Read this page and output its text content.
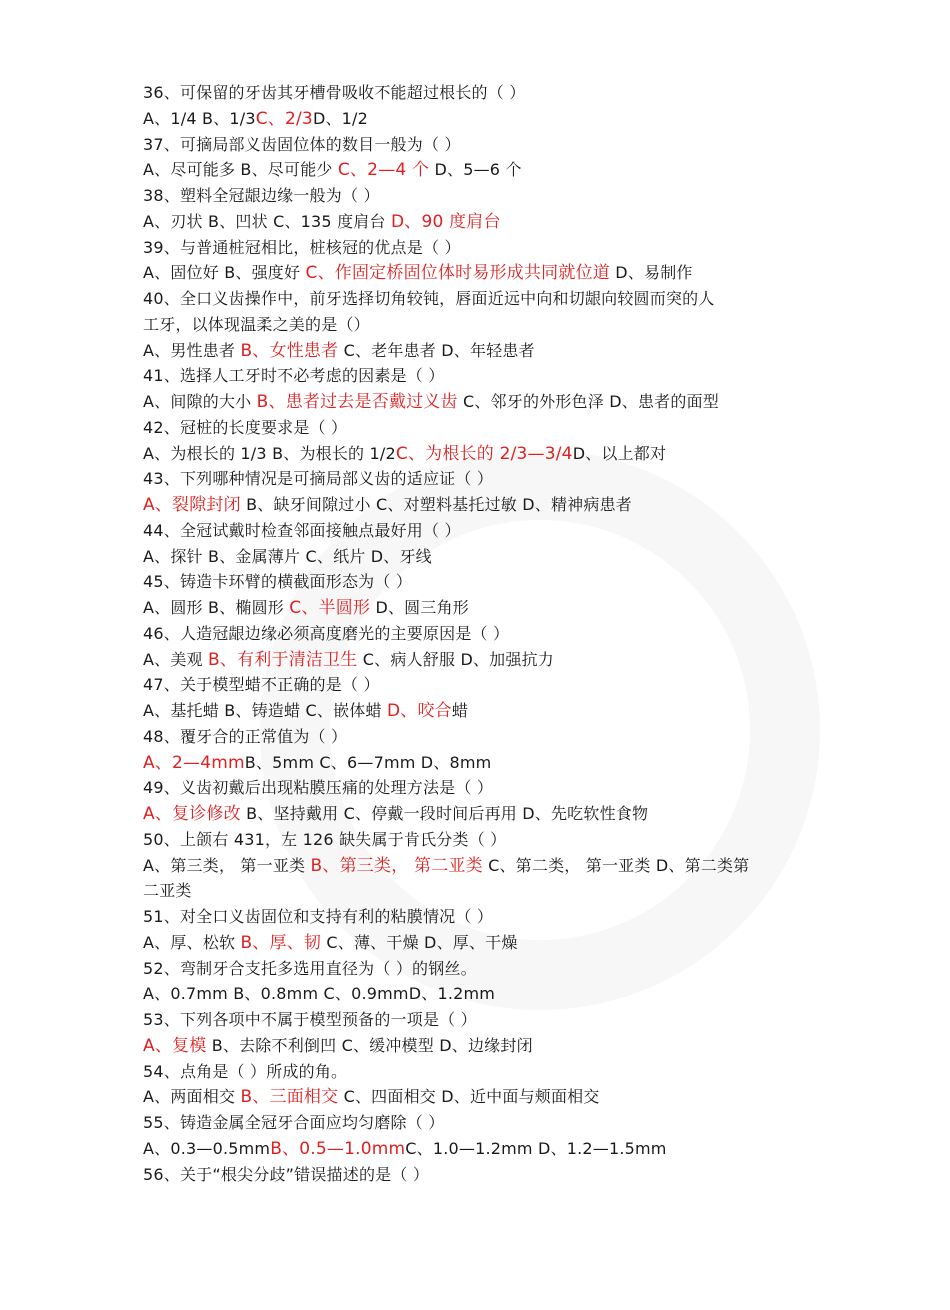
36、可保留的牙齿其牙槽骨吸收不能超过根长的（ ）
A、1/4 B、1/3C、2/3D、1/2
37、可摘局部义齿固位体的数目一般为（ ）
A、尽可能多 B、尽可能少 C、2—4 个 D、5—6 个
38、塑料全冠龈边缘一般为（ ）
A、刃状 B、凹状 C、135 度肩台 D、90 度肩台
39、与普通桩冠相比，桩核冠的优点是（ ）
A、固位好 B、强度好 C、作固定桥固位体时易形成共同就位道 D、易制作
40、全口义齿操作中，前牙选择切角较钝，唇面近远中向和切龈向较圆而突的人
工牙，以体现温柔之美的是（）
A、男性患者 B、女性患者 C、老年患者 D、年轻患者
41、选择人工牙时不必考虑的因素是（ ）
A、间隙的大小 B、患者过去是否戴过义齿 C、邻牙的外形色泽 D、患者的面型
42、冠桩的长度要求是（ ）
A、为根长的 1/3 B、为根长的 1/2C、为根长的 2/3—3/4D、以上都对
43、下列哪种情况是可摘局部义齿的适应证（ ）
A、裂隙封闭 B、缺牙间隙过小 C、对塑料基托过敏 D、精神病患者
44、全冠试戴时检查邻面接触点最好用（ ）
A、探针 B、金属薄片 C、纸片 D、牙线
45、铸造卡环臂的横截面形态为（ ）
A、圆形 B、椭圆形 C、半圆形 D、圆三角形
46、人造冠龈边缘必须高度磨光的主要原因是（ ）
A、美观 B、有利于清洁卫生 C、病人舒服 D、加强抗力
47、关于模型蜡不正确的是（ ）
A、基托蜡 B、铸造蜡 C、嵌体蜡 D、咬合蜡
48、覆牙合的正常值为（ ）
A、2—4mmB、5mm C、6—7mm D、8mm
49、义齿初戴后出现粘膜压痛的处理方法是（ ）
A、复诊修改 B、坚持戴用 C、停戴一段时间后再用 D、先吃软性食物
50、上颌右 431，左 126 缺失属于肯氏分类（ ）
A、第三类， 第一亚类 B、第三类， 第二亚类 C、第二类， 第一亚类 D、第二类第
二亚类
51、对全口义齿固位和支持有利的粘膜情况（ ）
A、厚、松软 B、厚、韧 C、薄、干燥 D、厚、干燥
52、弯制牙合支托多选用直径为（ ）的钢丝。
A、0.7mm B、0.8mm C、0.9mmD、1.2mm
53、下列各项中不属于模型预备的一项是（ ）
A、复模 B、去除不利倒凹 C、缓冲模型 D、边缘封闭
54、点角是（ ）所成的角。
A、两面相交 B、三面相交 C、四面相交 D、近中面与颊面相交
55、铸造金属全冠牙合面应均匀磨除（ ）
A、0.3—0.5mmB、0.5—1.0mmC、1.0—1.2mm D、1.2—1.5mm
56、关于“根尖分歧”错误描述的是（ ）
